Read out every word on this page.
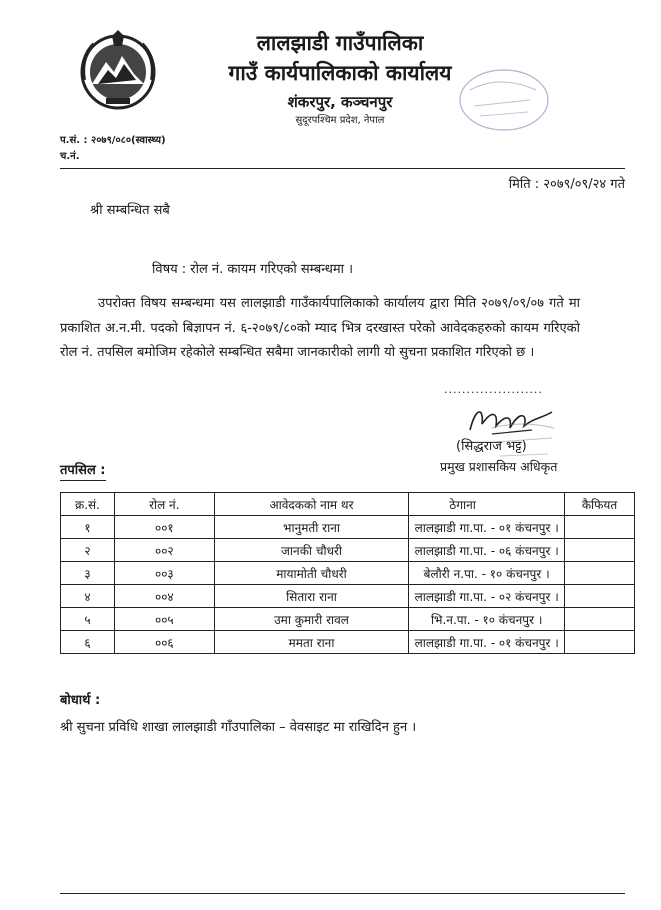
लालझाडी गाउँपालिका
गाउँ कार्यपालिकाको कार्यालय
शंकरपुर, कञ्चनपुर
सुदूरपश्चिम प्रदेश, नेपाल
प.सं. : २०७९/०८०(स्वास्थ्य)
च.नं.
मिति : २०७९/०९/२४ गते
श्री सम्बन्धित सबै
विषय : रोल नं. कायम गरिएको सम्बन्धमा ।

उपरोक्त विषय सम्बन्धमा यस लालझाडी गाउँकार्यपालिकाको कार्यालय द्वारा मिति २०७९/०९/०७ गते मा प्रकाशित अ.न.मी. पदको बिज्ञापन नं. ६-२०७९/८०को म्याद भित्र दरखास्त परेको आवेदकहरुको कायम गरिएको रोल नं. तपसिल बमोजिम रहेकोले सम्बन्धित सबैमा जानकारीको लागी यो सुचना प्रकाशित गरिएको छ ।

......................
(सिद्धराज भट्ट)
प्रमुख प्रशासकिय अधिकृत
तपसिल :
क्र.सं.	रोल नं.	आवेदकको नाम थर	ठेगाना	कैफियत
१	००१	भानुमती राना	लालझाडी गा.पा. - ०१ कंचनपुर ।	
२	००२	जानकी चौधरी	लालझाडी गा.पा. - ०६ कंचनपुर ।	
३	००३	मायामोती चौधरी	बेलौरी न.पा. - १० कंचनपुर ।	
४	००४	सितारा राना	लालझाडी गा.पा. - ०२ कंचनपुर ।	
५	००५	उमा कुमारी रावल	भि.न.पा. - १० कंचनपुर ।	
६	००६	ममता राना	लालझाडी गा.पा. - ०१ कंचनपुर ।	
बोधार्थ :
श्री सुचना प्रविधि शाखा लालझाडी गाँउपालिका – वेवसाइट मा राखिदिन हुन ।
